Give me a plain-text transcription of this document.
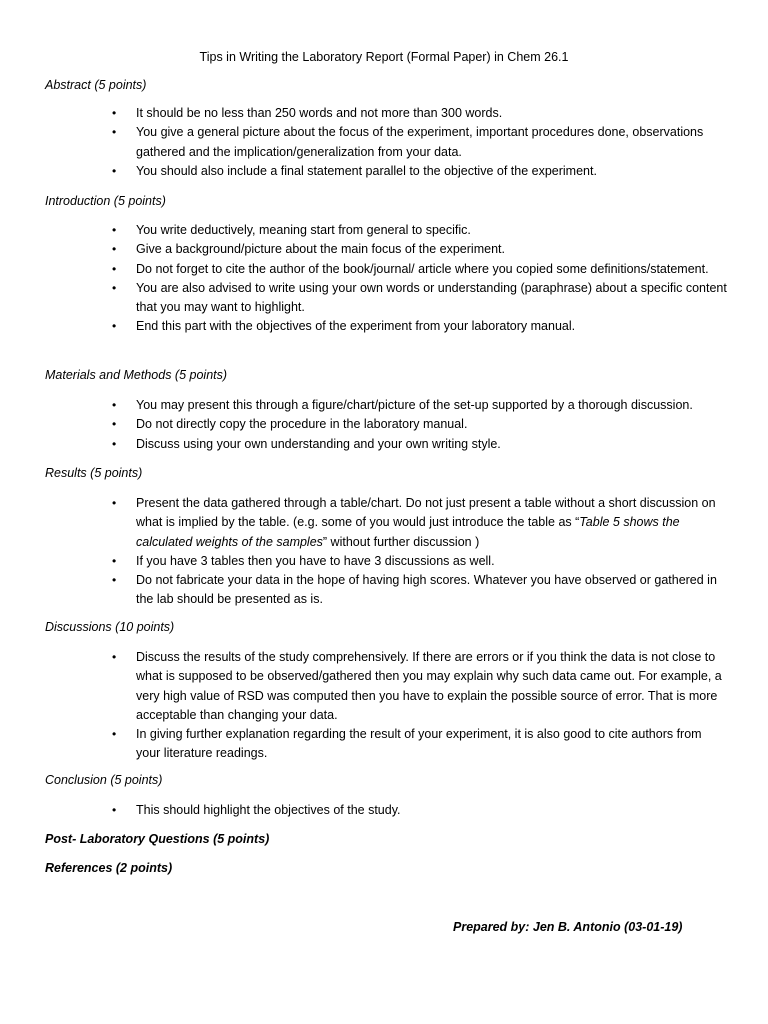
Tips in Writing the Laboratory Report (Formal Paper) in Chem 26.1
Abstract (5 points)
• It should be no less than 250 words and not more than 300 words.
• You give a general picture about the focus of the experiment, important procedures done, observations gathered and the implication/generalization from your data.
• You should also include a final statement parallel to the objective of the experiment.
Introduction (5 points)
• You write deductively, meaning start from general to specific.
• Give a background/picture about the main focus of the experiment.
• Do not forget to cite the author of the book/journal/ article where you copied some definitions/statement.
• You are also advised to write using your own words or understanding (paraphrase) about a specific content that you may want to highlight.
• End this part with the objectives of the experiment from your laboratory manual.
Materials and Methods (5 points)
• You may present this through a figure/chart/picture of the set-up supported by a thorough discussion.
• Do not directly copy the procedure in the laboratory manual.
• Discuss using your own understanding and your own writing style.
Results (5 points)
• Present the data gathered through a table/chart. Do not just present a table without a short discussion on what is implied by the table. (e.g. some of you would just introduce the table as “Table 5 shows the calculated weights of the samples” without further discussion )
• If you have 3 tables then you have to have 3 discussions as well.
• Do not fabricate your data in the hope of having high scores. Whatever you have observed or gathered in the lab should be presented as is.
Discussions (10 points)
• Discuss the results of the study comprehensively. If there are errors or if you think the data is not close to what is supposed to be observed/gathered then you may explain why such data came out. For example, a very high value of RSD was computed then you have to explain the possible source of error. That is more acceptable than changing your data.
• In giving further explanation regarding the result of your experiment, it is also good to cite authors from your literature readings.
Conclusion (5 points)
• This should highlight the objectives of the study.
Post- Laboratory Questions (5 points)
References (2 points)
Prepared by: Jen B. Antonio (03-01-19)
